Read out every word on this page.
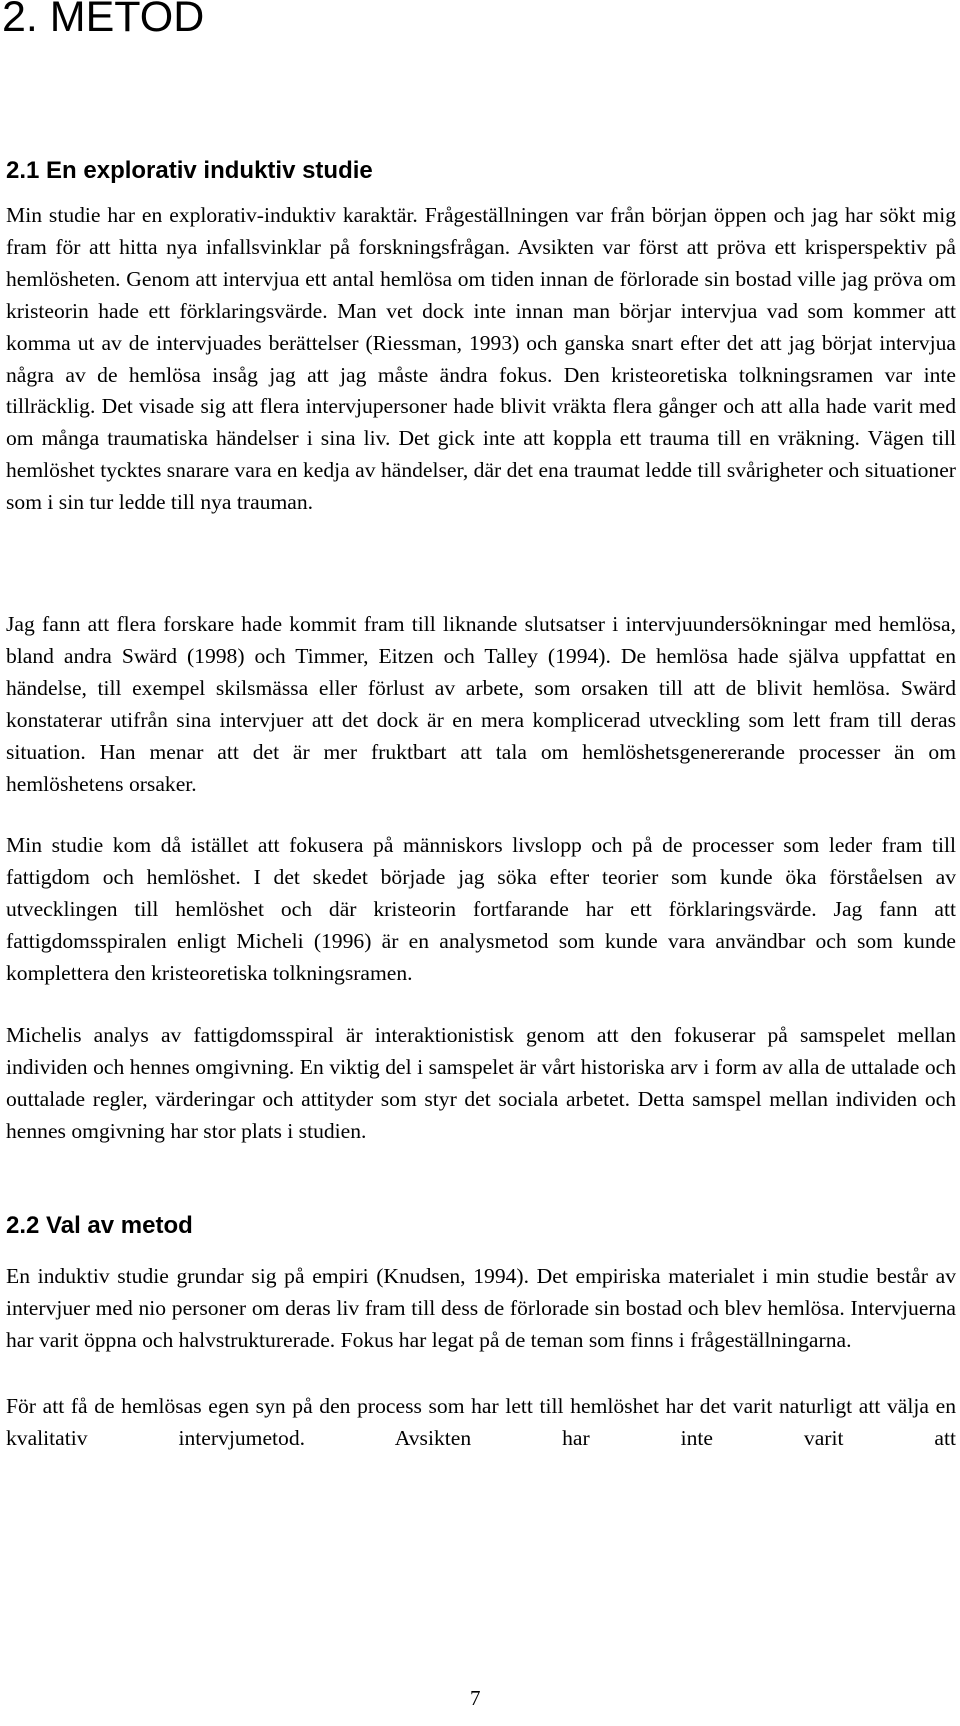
2. METOD
2.1 En explorativ induktiv studie

Min studie har en explorativ-induktiv karaktär. Frågeställningen var från början öppen och jag har sökt mig fram för att hitta nya infallsvinklar på forskningsfrågan. Avsikten var först att pröva ett krisperspektiv på hemlösheten. Genom att intervjua ett antal hemlösa om tiden innan de förlorade sin bostad ville jag pröva om kristeorin hade ett förklaringsvärde. Man vet dock inte innan man börjar intervjua vad som kommer att komma ut av de intervjuades berättelser (Riessman, 1993) och ganska snart efter det att jag börjat intervjua några av de hemlösa insåg jag att jag måste ändra fokus. Den kristeoretiska tolkningsramen var inte tillräcklig. Det visade sig att flera intervjupersoner hade blivit vräkta flera gånger och att alla hade varit med om många traumatiska händelser i sina liv. Det gick inte att koppla ett trauma till en vräkning. Vägen till hemlöshet tycktes snarare vara en kedja av händelser, där det ena traumat ledde till svårigheter och situationer som i sin tur ledde till nya trauman.

Jag fann att flera forskare hade kommit fram till liknande slutsatser i intervjuundersökningar med hemlösa, bland andra Swärd (1998) och Timmer, Eitzen och Talley (1994). De hemlösa hade själva uppfattat en händelse, till exempel skilsmässa eller förlust av arbete, som orsaken till att de blivit hemlösa. Swärd konstaterar utifrån sina intervjuer att det dock är en mera komplicerad utveckling som lett fram till deras situation. Han menar att det är mer fruktbart att tala om hemlöshetsgenererande processer än om hemlöshetens orsaker.

Min studie kom då istället att fokusera på människors livslopp och på de processer som leder fram till fattigdom och hemlöshet. I det skedet började jag söka efter teorier som kunde öka förståelsen av utvecklingen till hemlöshet och där kristeorin fortfarande har ett förklaringsvärde. Jag fann att fattigdomsspiralen enligt Micheli (1996) är en analysmetod som kunde vara användbar och som kunde komplettera den kristeoretiska tolkningsramen.

Michelis analys av fattigdomsspiral är interaktionistisk genom att den fokuserar på samspelet mellan individen och hennes omgivning. En viktig del i samspelet är vårt historiska arv i form av alla de uttalade och outtalade regler, värderingar och attityder som styr det sociala arbetet. Detta samspel mellan individen och hennes omgivning har stor plats i studien.

2.2 Val av metod

En induktiv studie grundar sig på empiri (Knudsen, 1994). Det empiriska materialet i min studie består av intervjuer med nio personer om deras liv fram till dess de förlorade sin bostad och blev hemlösa. Intervjuerna har varit öppna och halvstrukturerade. Fokus har legat på de teman som finns i frågeställningarna.

För att få de hemlösas egen syn på den process som har lett till hemlöshet har det varit naturligt att välja en kvalitativ intervjumetod. Avsikten har inte varit att

7
